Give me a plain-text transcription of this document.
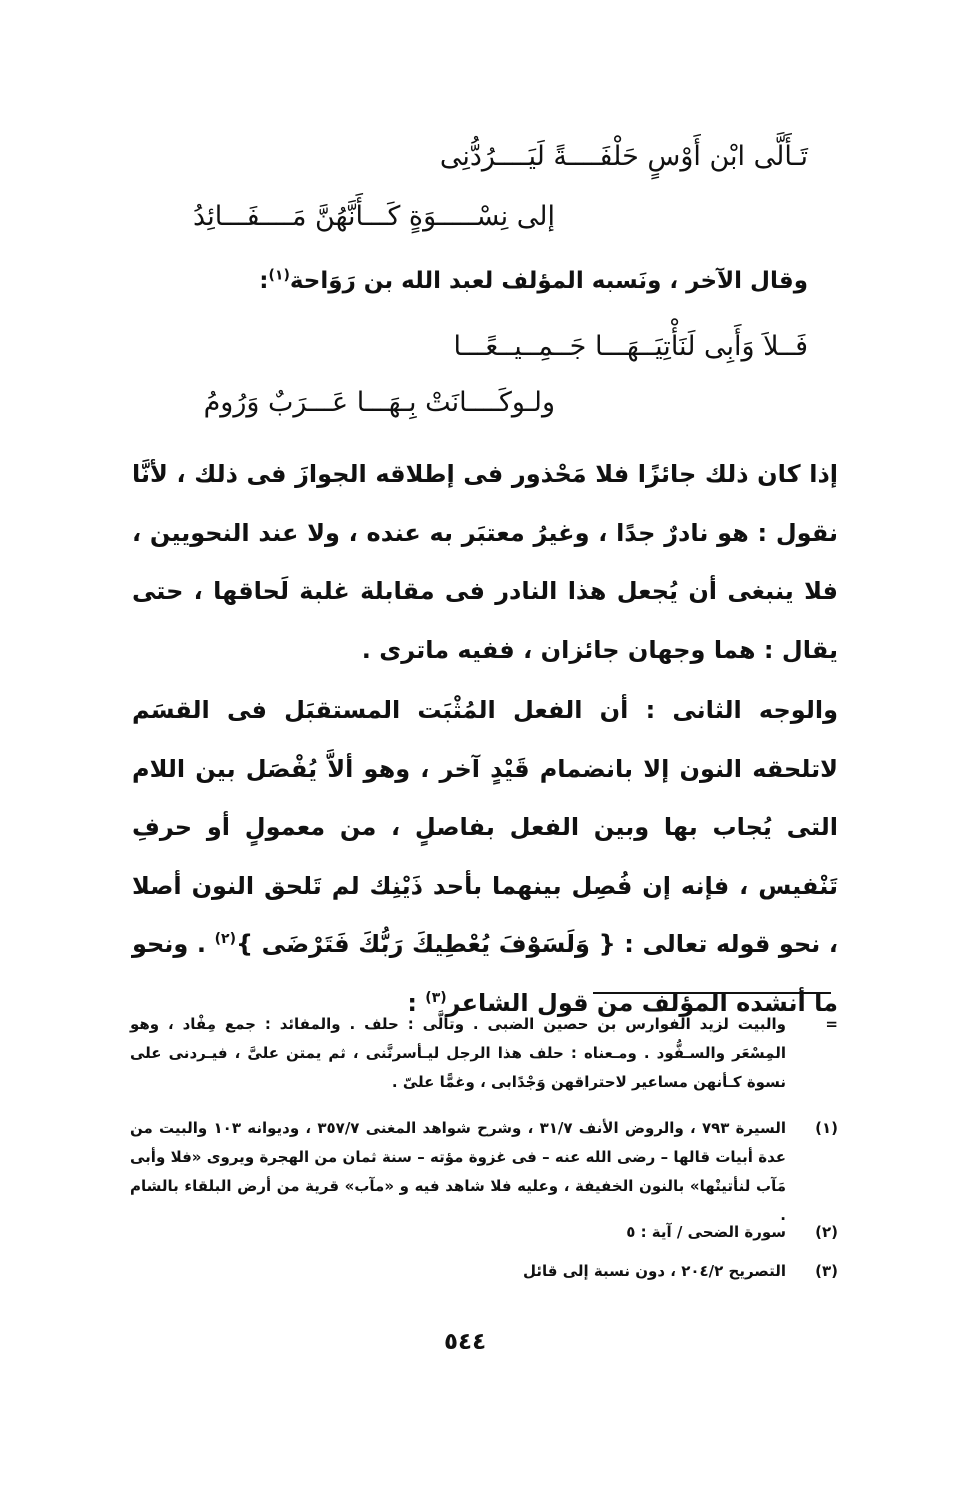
تَـأَلَّى ابْن أَوْسٍ حَلْفَــــةً لَيَــــرُدُّنِى
إلى نِسْـــــوَةٍ كَـــأَنَّهُنَّ مَــــفَـــائِدُ
وقال الآخر ، ونَسبه المؤلف لعبد الله بن رَوَاحة$^{(١)}$:
فَــلاَ وَأَبِى لَنَأْتِيَــهَـــا جَــمِــيــعًـــا
ولـوكَــــانَتْ بِـهَـــا عَـــرَبٌ وَرُومُ

إذا كان ذلك جائزًا فلا مَحْذور فى إطلاقه الجوازَ فى ذلك ، لأنَّا نقول : هو نادرٌ جدًا ، وغيرُ معتبَر به عنده ، ولا عند النحويين ، فلا ينبغى أن يُجعل هذا النادر فى مقابلة غلبة لَحاقها ، حتى يقال : هما وجهان جائزان ، ففيه ماترى .

والوجه الثانى : أن الفعل المُثْبَت المستقبَل فى القسَم لاتلحقه النون إلا بانضمام قَيْدٍ آخر ، وهو ألاَّ يُفْصَل بين اللام التى يُجاب بها وبين الفعل بفاصلٍ ، من معمولٍ أو حرفِ تَنْفيس ، فإنه إن فُصِل بينهما بأحد ذَيْنِك لم تَلحق النون أصلا ، نحو قوله تعالى : { وَلَسَوْفَ يُعْطِيكَ رَبُّكَ فَتَرْضَى }$^{(٢)}$ . ونحو ما أنشده المؤلف من قول الشاعر$^{(٣)}$ :

=
والبيت لزيد الفوارس بن حصين الضبى . وتألَّى : حلف . والمفائد : جمع مِفْاد ، وهو المِسْعَر والسـفُّود . ومـعناه : حلف هذا الرجل ليـأسرنَّنى ، ثم يمتن علىَّ ، فيـردنى على نسوة كـأنهن مساعير لاحتراقهن وَجْدًابى ، وغمًّا علىّ .
(١)
السيرة ٧٩٣ ، والروض الأنف ٣١/٧ ، وشرح شواهد المغنى ٣٥٧/٧ ، وديوانه ١٠٣ والبيت من عدة أبيات قالها – رضى الله عنه – فى غزوة مؤته – سنة ثمان من الهجرة ويروى «فلا وأبى مَآب لنأتينْها» بالنون الخفيفة ، وعليه فلا شاهد فيه و «مآب» قرية من أرض البلقاء بالشام .
(٢)
سورة الضحى / آية : ٥
(٣)
التصريح ٢٠٤/٢ ، دون نسبة إلى قائل
٥٤٤
